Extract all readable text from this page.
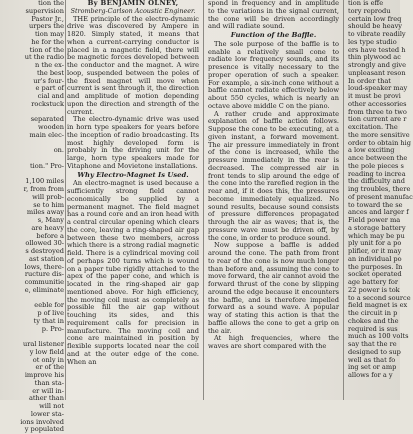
tion the
supervision
Pastor Jr.,
urpers the
tion may
he for the
tion of the
ut the radio
n the ex-
the best
ur's four-
e part of
cial and
rockstuck

separated
wooden
main elec-

on.

tion." Pro-

1,100 miles
r, from from
will prob-
se to him
miles away
s, Many
are heavy
before a
ollowed 30-
s destroyed
ast station
lows, there-
ructure dis-
communitie
e, eliminate

eeble for
p of live
ty that in
p. Pro-

ural listener
y low field
ot only in
er of the
improve his
than sta-
er will in-
ather than
will not
lower sta-
ions involved
y populated
By BENJAMIN OLNEY,
Stromberg-Carlson Acoustic Engineer.

THE principle of the electro-dynamic drive was discovered by Ampere in 1820. Simply stated, it means that when a current-carrying conductor is placed in a magnetic field, there will be magnetic forces developed between the conductor and the magnet. A wire loop, suspended between the poles of the fixed magnet will move when current is sent through it, the direction and amplitude of motion depending upon the direction and strength of the current.

The electro-dynamic drive was used in horn type speakers for years before the inception of radio broadcasting. Its most highly developed form is probably in the driving unit for the large, horn type speakers made for Vitaphone and Movietone installations.

Why Electro-Magnet Is Used.

An electro-magnet is used because a sufficiently strong field cannot economically be supplied by a permanent magnet. The field magnet has a round core and an iron head with a central circular opening which clears the core, leaving a ring-shaped air gap between these two members, across which there is a strong radial magnetic field. There is a cylindrical moving coil of perhaps 200 turns which is wound on a paper tube rigidly attached to the apex of the paper cone, and which is located in the ring-shaped air gap mentioned above. For high efficiency, the moving coil must as completely as possible fill the air gap without touching its sides, and this requirement calls for precision in manufacture. The moving coil and cone are maintained in position by flexible supports located near the coil and at the outer edge of the cone. When an

spond in frequency and in amplitude to the variations in the signal current, the cone will be driven accordingly and will radiate sound.

Function of the Baffle.

The sole purpose of the baffle is to enable a relatively small cone to radiate low frequency sounds, and its presence is vitally necessary to the proper operation of such a speaker. For example, a six-inch cone without a baffle cannot radiate effectively below about 550 cycles, which is nearly an octave above middle C on the piano.

A rather crude and approximate explanation of baffle action follows. Suppose the cone to be executing, at a given instant, a forward movement. The air pressure immediately in front of the cone is increased, while the pressure immediately in the rear is decreased. The compressed air in front tends to slip around the edge of the cone into the rarefied region in the rear and, if it does this, the pressures become immediately equalized. No sound results, because sound consists of pressure differences propagated through the air as waves; that is, the pressure wave must be driven off, by the cone, in order to produce sound.

Now suppose a baffle is added around the cone. The path from front to rear of the cone is now much longer than before and, assuming the cone to move forward, the air cannot avoid the forward thrust of the cone by slipping around the edge because it encounters the baffle, and is therefore impelled forward as a sound wave. A popular way of stating this action is that the baffle allows the cone to get a grip on the air.

At high frequencies, where the waves are short compared with the

tion is effe
tory reprodu
certain low freq
should be heavy
to vibrate readily
les type studio
ers have tested h
thin plywood ac
strongly and give
unpleasant reson
In order that
loud-speaker may
it must be provi
other accessories
from three to two
tion current are r
excitation. The
the more sensitive
order to obtain hig
a low exciting
ance between the
the pole pieces s
reading to increa
the difficulty and
ing troubles, there
of present manufac
to toward the se
ances and larger f
Field power ma
a storage battery
which may be pu
ply unit for a po
plifier, or it may
an individual po
the purposes. In
socket operated
age battery for
22 power is tok
to a second source
field magnet is ex
the circuit in p
chokes and the
required is sus
much as 100 volts
say that the re
designed to sup
well as that fo
ing set or amp
allows for a y
